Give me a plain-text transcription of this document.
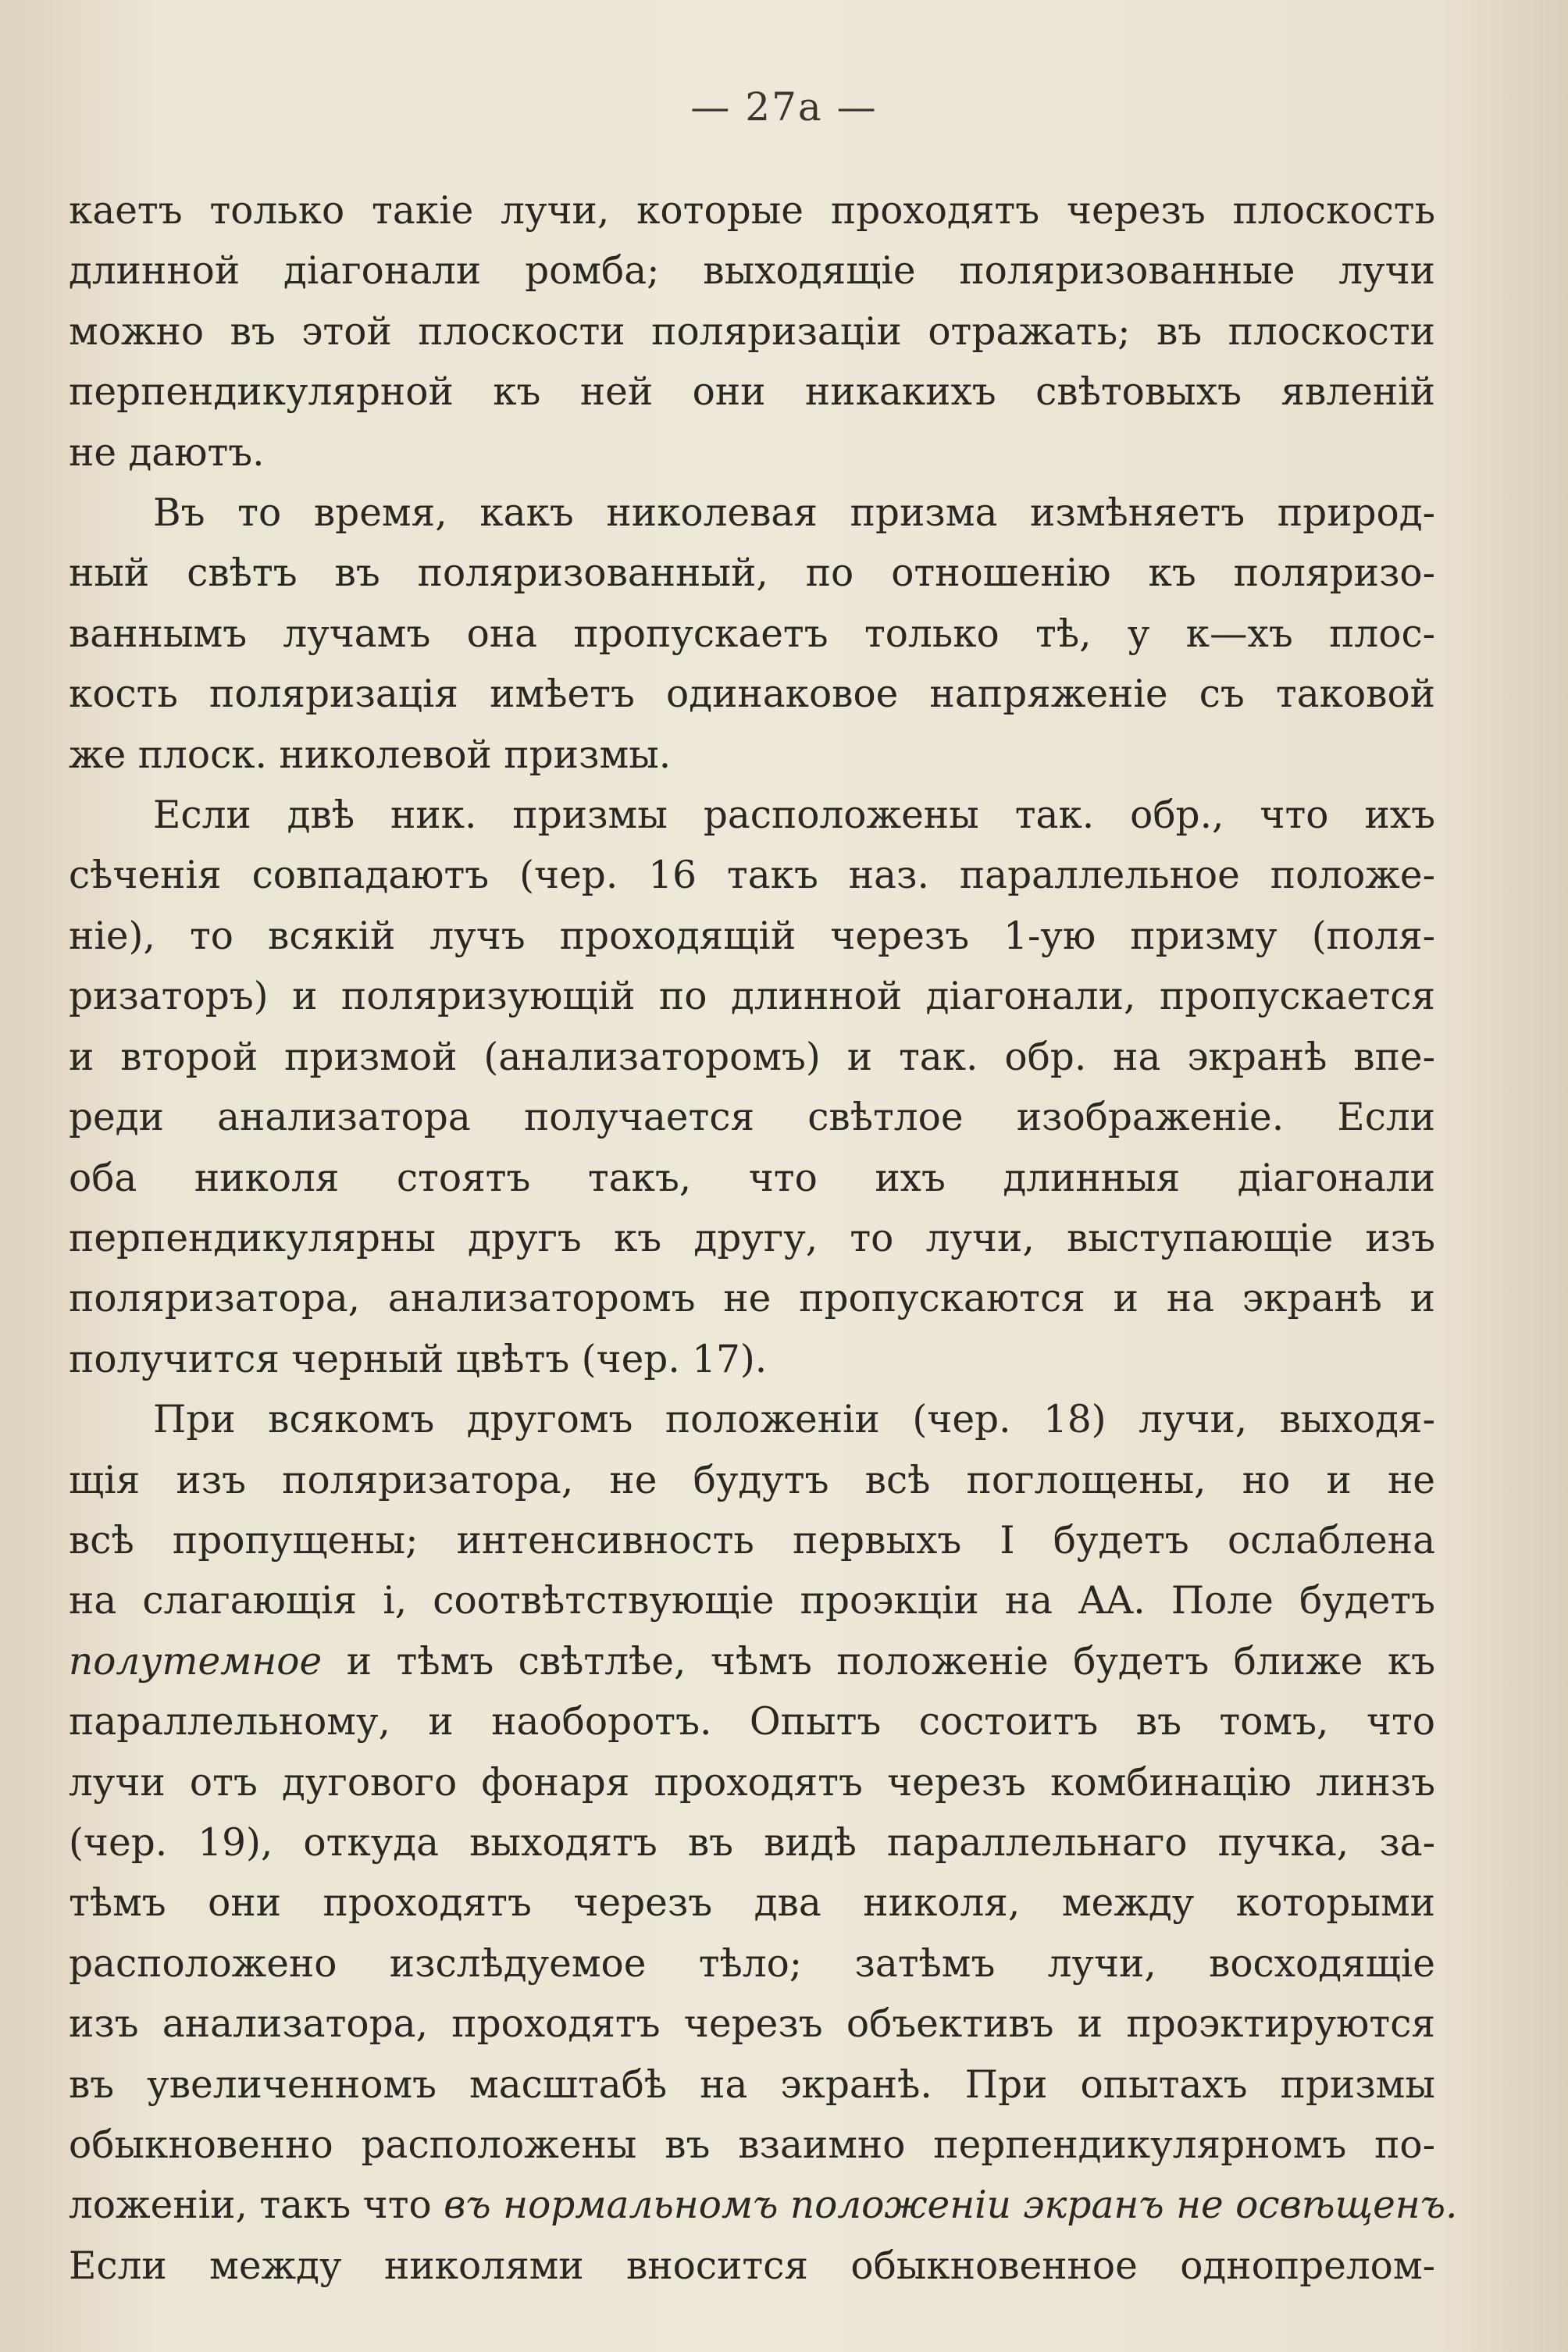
— 27а —

каетъ только такіе лучи, которые проходятъ черезъ плоскость
длинной діагонали ромба; выходящіе поляризованные лучи
можно въ этой плоскости поляризаціи отражать; въ плоскости
перпендикулярной къ ней они никакихъ свѣтовыхъ явленій
не даютъ.

Въ то время, какъ николевая призма измѣняетъ природ-
ный свѣтъ въ поляризованный, по отношенію къ поляризо-
ваннымъ лучамъ она пропускаетъ только тѣ, у к—хъ плос-
кость поляризація имѣетъ одинаковое напряженіе съ таковой
же плоск. николевой призмы.

Если двѣ ник. призмы расположены так. обр., что ихъ
сѣченія совпадаютъ (чер. 16 такъ наз. параллельное положе-
ніе), то всякій лучъ проходящій черезъ 1-ую призму (поля-
ризаторъ) и поляризующій по длинной діагонали, пропускается
и второй призмой (анализаторомъ) и так. обр. на экранѣ впе-
реди анализатора получается свѣтлое изображеніе. Если
оба николя стоятъ такъ, что ихъ длинныя діагонали
перпендикулярны другъ къ другу, то лучи, выступающіе изъ
поляризатора, анализаторомъ не пропускаются и на экранѣ и
получится черный цвѣтъ (чер. 17).

При всякомъ другомъ положеніи (чер. 18) лучи, выходя-
щія изъ поляризатора, не будутъ всѣ поглощены, но и не
всѣ пропущены; интенсивность первыхъ I будетъ ослаблена
на слагающія i, соотвѣтствующіе проэкціи на AA. Поле будетъ
полутемное и тѣмъ свѣтлѣе, чѣмъ положеніе будетъ ближе къ
параллельному, и наоборотъ. Опытъ состоитъ въ томъ, что
лучи отъ дугового фонаря проходятъ черезъ комбинацію линзъ
(чер. 19), откуда выходятъ въ видѣ параллельнаго пучка, за-
тѣмъ они проходятъ черезъ два николя, между которыми
расположено изслѣдуемое тѣло; затѣмъ лучи, восходящіе
изъ анализатора, проходятъ черезъ объективъ и проэктируются
въ увеличенномъ масштабѣ на экранѣ. При опытахъ призмы
обыкновенно расположены въ взаимно перпендикулярномъ по-
ложеніи, такъ что въ нормальномъ положеніи экранъ не освѣщенъ.
Если между николями вносится обыкновенное однопрелом-
